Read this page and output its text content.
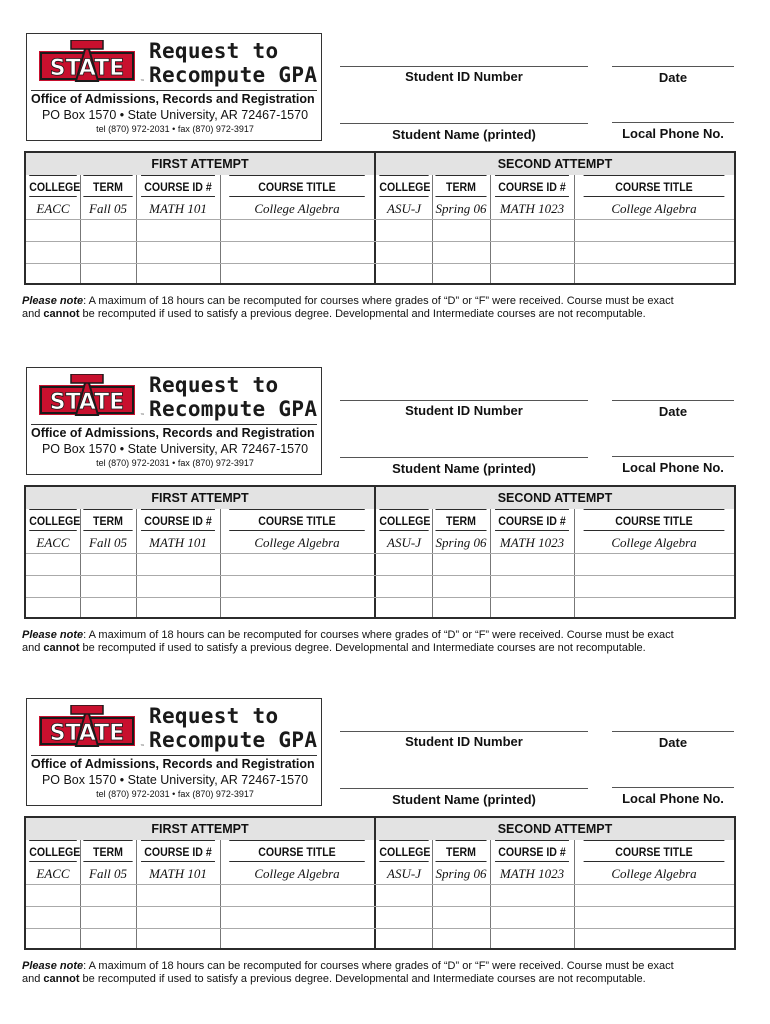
STATE
™
Request to
Recompute GPA
Office of Admissions, Records and Registration
PO Box 1570 • State University, AR 72467-1570
tel (870) 972-2031 • fax (870) 972-3917
Student ID Number	Date
Student Name (printed)	Local Phone No.
FIRST ATTEMPT	SECOND ATTEMPT
COLLEGE	TERM	COURSE ID #	COURSE TITLE	COLLEGE	TERM	COURSE ID #	COURSE TITLE
EACC	Fall 05	MATH 101	College Algebra	ASU-J	Spring 06	MATH 1023	College Algebra
Please note: A maximum of 18 hours can be recomputed for courses where grades of “D” or “F” were received. Course must be exact
and cannot be recomputed if used to satisfy a previous degree. Developmental and Intermediate courses are not recomputable.
STATE
™
Request to
Recompute GPA
Office of Admissions, Records and Registration
PO Box 1570 • State University, AR 72467-1570
tel (870) 972-2031 • fax (870) 972-3917
Student ID Number	Date
Student Name (printed)	Local Phone No.
FIRST ATTEMPT	SECOND ATTEMPT
COLLEGE	TERM	COURSE ID #	COURSE TITLE	COLLEGE	TERM	COURSE ID #	COURSE TITLE
EACC	Fall 05	MATH 101	College Algebra	ASU-J	Spring 06	MATH 1023	College Algebra
Please note: A maximum of 18 hours can be recomputed for courses where grades of “D” or “F” were received. Course must be exact
and cannot be recomputed if used to satisfy a previous degree. Developmental and Intermediate courses are not recomputable.
STATE
™
Request to
Recompute GPA
Office of Admissions, Records and Registration
PO Box 1570 • State University, AR 72467-1570
tel (870) 972-2031 • fax (870) 972-3917
Student ID Number	Date
Student Name (printed)	Local Phone No.
FIRST ATTEMPT	SECOND ATTEMPT
COLLEGE	TERM	COURSE ID #	COURSE TITLE	COLLEGE	TERM	COURSE ID #	COURSE TITLE
EACC	Fall 05	MATH 101	College Algebra	ASU-J	Spring 06	MATH 1023	College Algebra
Please note: A maximum of 18 hours can be recomputed for courses where grades of “D” or “F” were received. Course must be exact
and cannot be recomputed if used to satisfy a previous degree. Developmental and Intermediate courses are not recomputable.
